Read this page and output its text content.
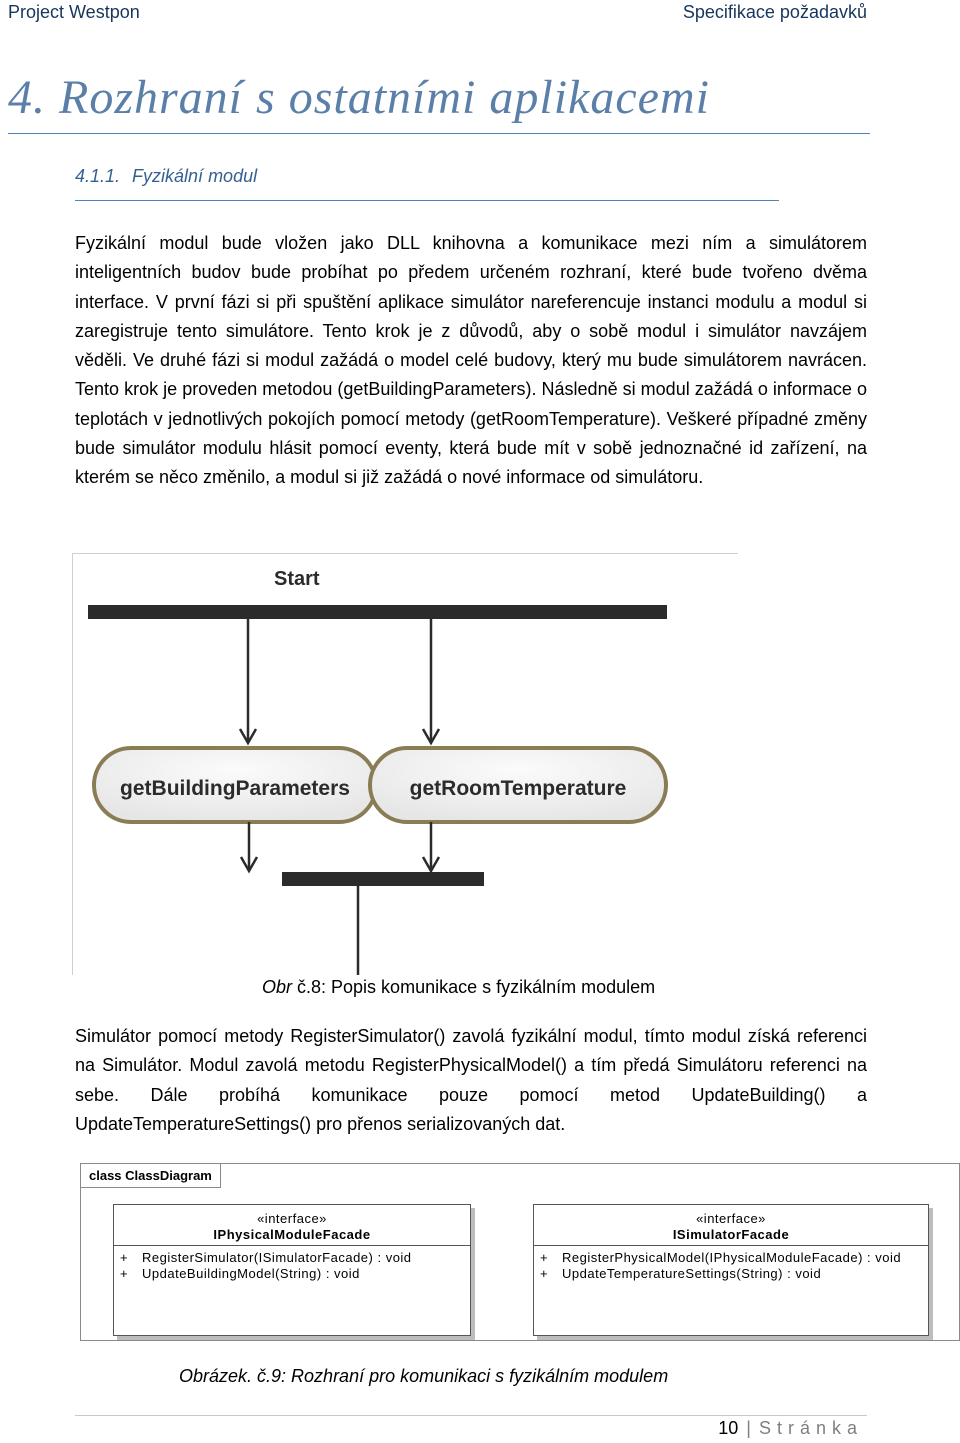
Project Westpon	Specifikace požadavků
4. Rozhraní s ostatními aplikacemi
4.1.1. Fyzikální modul
Fyzikální modul bude vložen jako DLL knihovna a komunikace mezi ním a simulátorem inteligentních budov bude probíhat po předem určeném rozhraní, které bude tvořeno dvěma interface. V první fázi si při spuštění aplikace simulátor nareferencuje instanci modulu a modul si zaregistruje tento simulátore. Tento krok je z důvodů, aby o sobě modul i simulátor navzájem věděli. Ve druhé fázi si modul zažádá o model celé budovy, který mu bude simulátorem navrácen. Tento krok je proveden metodou (getBuildingParameters). Následně si modul zažádá o informace o teplotách v jednotlivých pokojích pomocí metody (getRoomTemperature). Veškeré případné změny bude simulátor modulu hlásit pomocí eventy, která bude mít v sobě jednoznačné id zařízení, na kterém se něco změnilo, a modul si již zažádá o nové informace od simulátoru.
Start
getBuildingParameters	getRoomTemperature
Obr č.8: Popis komunikace s fyzikálním modulem
Simulátor pomocí metody RegisterSimulator() zavolá fyzikální modul, tímto modul získá referenci na Simulátor. Modul zavolá metodu RegisterPhysicalModel() a tím předá Simulátoru referenci na sebe. Dále probíhá komunikace pouze pomocí metod UpdateBuilding() a UpdateTemperatureSettings() pro přenos serializovaných dat.
class ClassDiagram
«interface»
IPhysicalModuleFacade
+ RegisterSimulator(ISimulatorFacade) : void
+ UpdateBuildingModel(String) : void
«interface»
ISimulatorFacade
+ RegisterPhysicalModel(IPhysicalModuleFacade) : void
+ UpdateTemperatureSettings(String) : void
Obrázek. č.9: Rozhraní pro komunikaci s fyzikálním modulem
10 | Stránka
